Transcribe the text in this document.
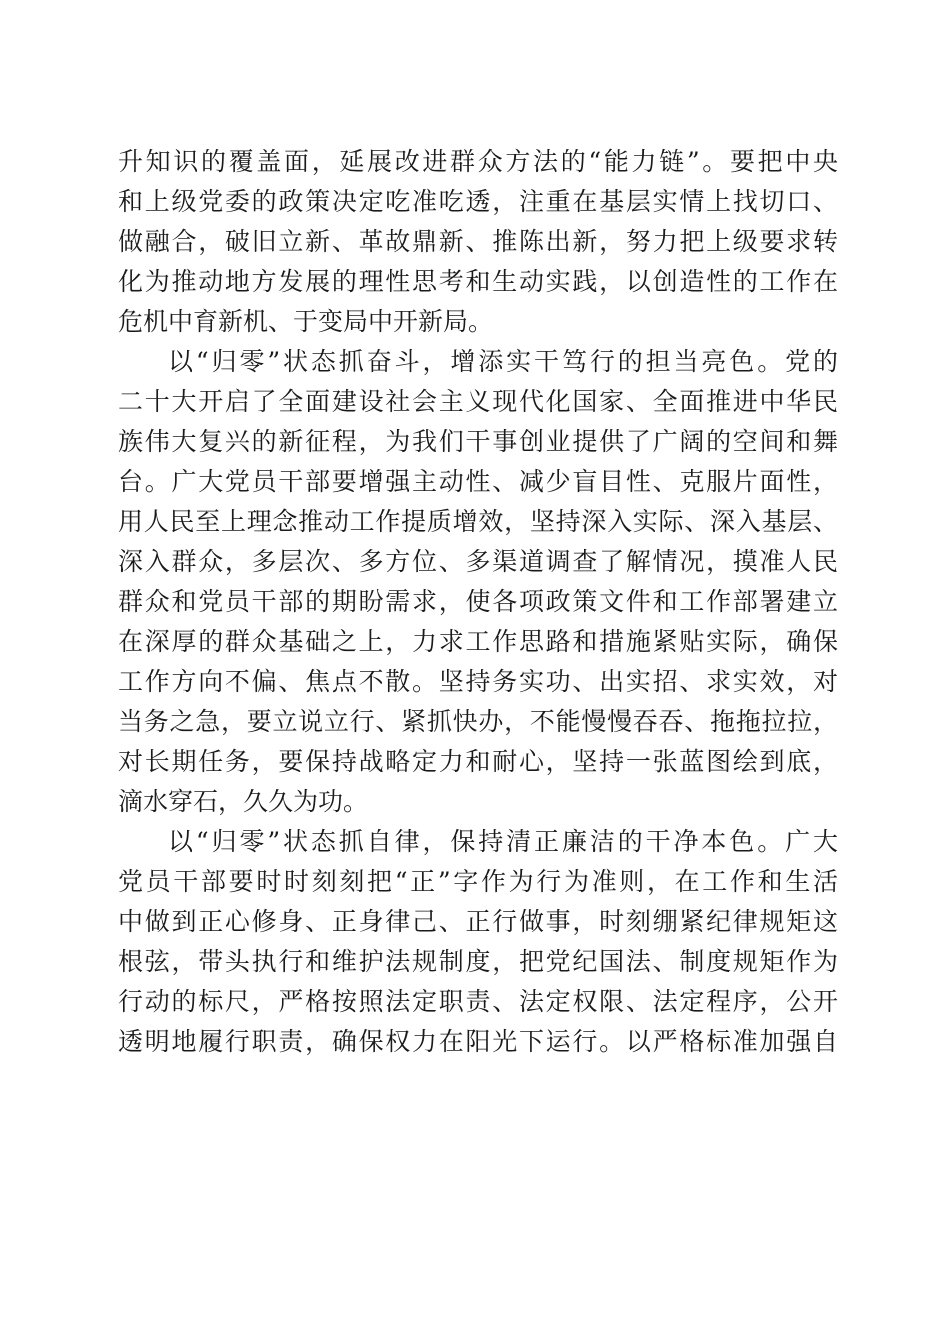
升知识的覆盖面，延展改进群众方法的“能力链”。要把中央
和上级党委的政策决定吃准吃透，注重在基层实情上找切口、
做融合，破旧立新、革故鼎新、推陈出新，努力把上级要求转
化为推动地方发展的理性思考和生动实践，以创造性的工作在
危机中育新机、于变局中开新局。
以“归零”状态抓奋斗，增添实干笃行的担当亮色。党的
二十大开启了全面建设社会主义现代化国家、全面推进中华民
族伟大复兴的新征程，为我们干事创业提供了广阔的空间和舞
台。广大党员干部要增强主动性、减少盲目性、克服片面性，
用人民至上理念推动工作提质增效，坚持深入实际、深入基层、
深入群众，多层次、多方位、多渠道调查了解情况，摸准人民
群众和党员干部的期盼需求，使各项政策文件和工作部署建立
在深厚的群众基础之上，力求工作思路和措施紧贴实际，确保
工作方向不偏、焦点不散。坚持务实功、出实招、求实效，对
当务之急，要立说立行、紧抓快办，不能慢慢吞吞、拖拖拉拉，
对长期任务，要保持战略定力和耐心，坚持一张蓝图绘到底，
滴水穿石，久久为功。
以“归零”状态抓自律，保持清正廉洁的干净本色。广大
党员干部要时时刻刻把“正”字作为行为准则，在工作和生活
中做到正心修身、正身律己、正行做事，时刻绷紧纪律规矩这
根弦，带头执行和维护法规制度，把党纪国法、制度规矩作为
行动的标尺，严格按照法定职责、法定权限、法定程序，公开
透明地履行职责，确保权力在阳光下运行。以严格标准加强自
